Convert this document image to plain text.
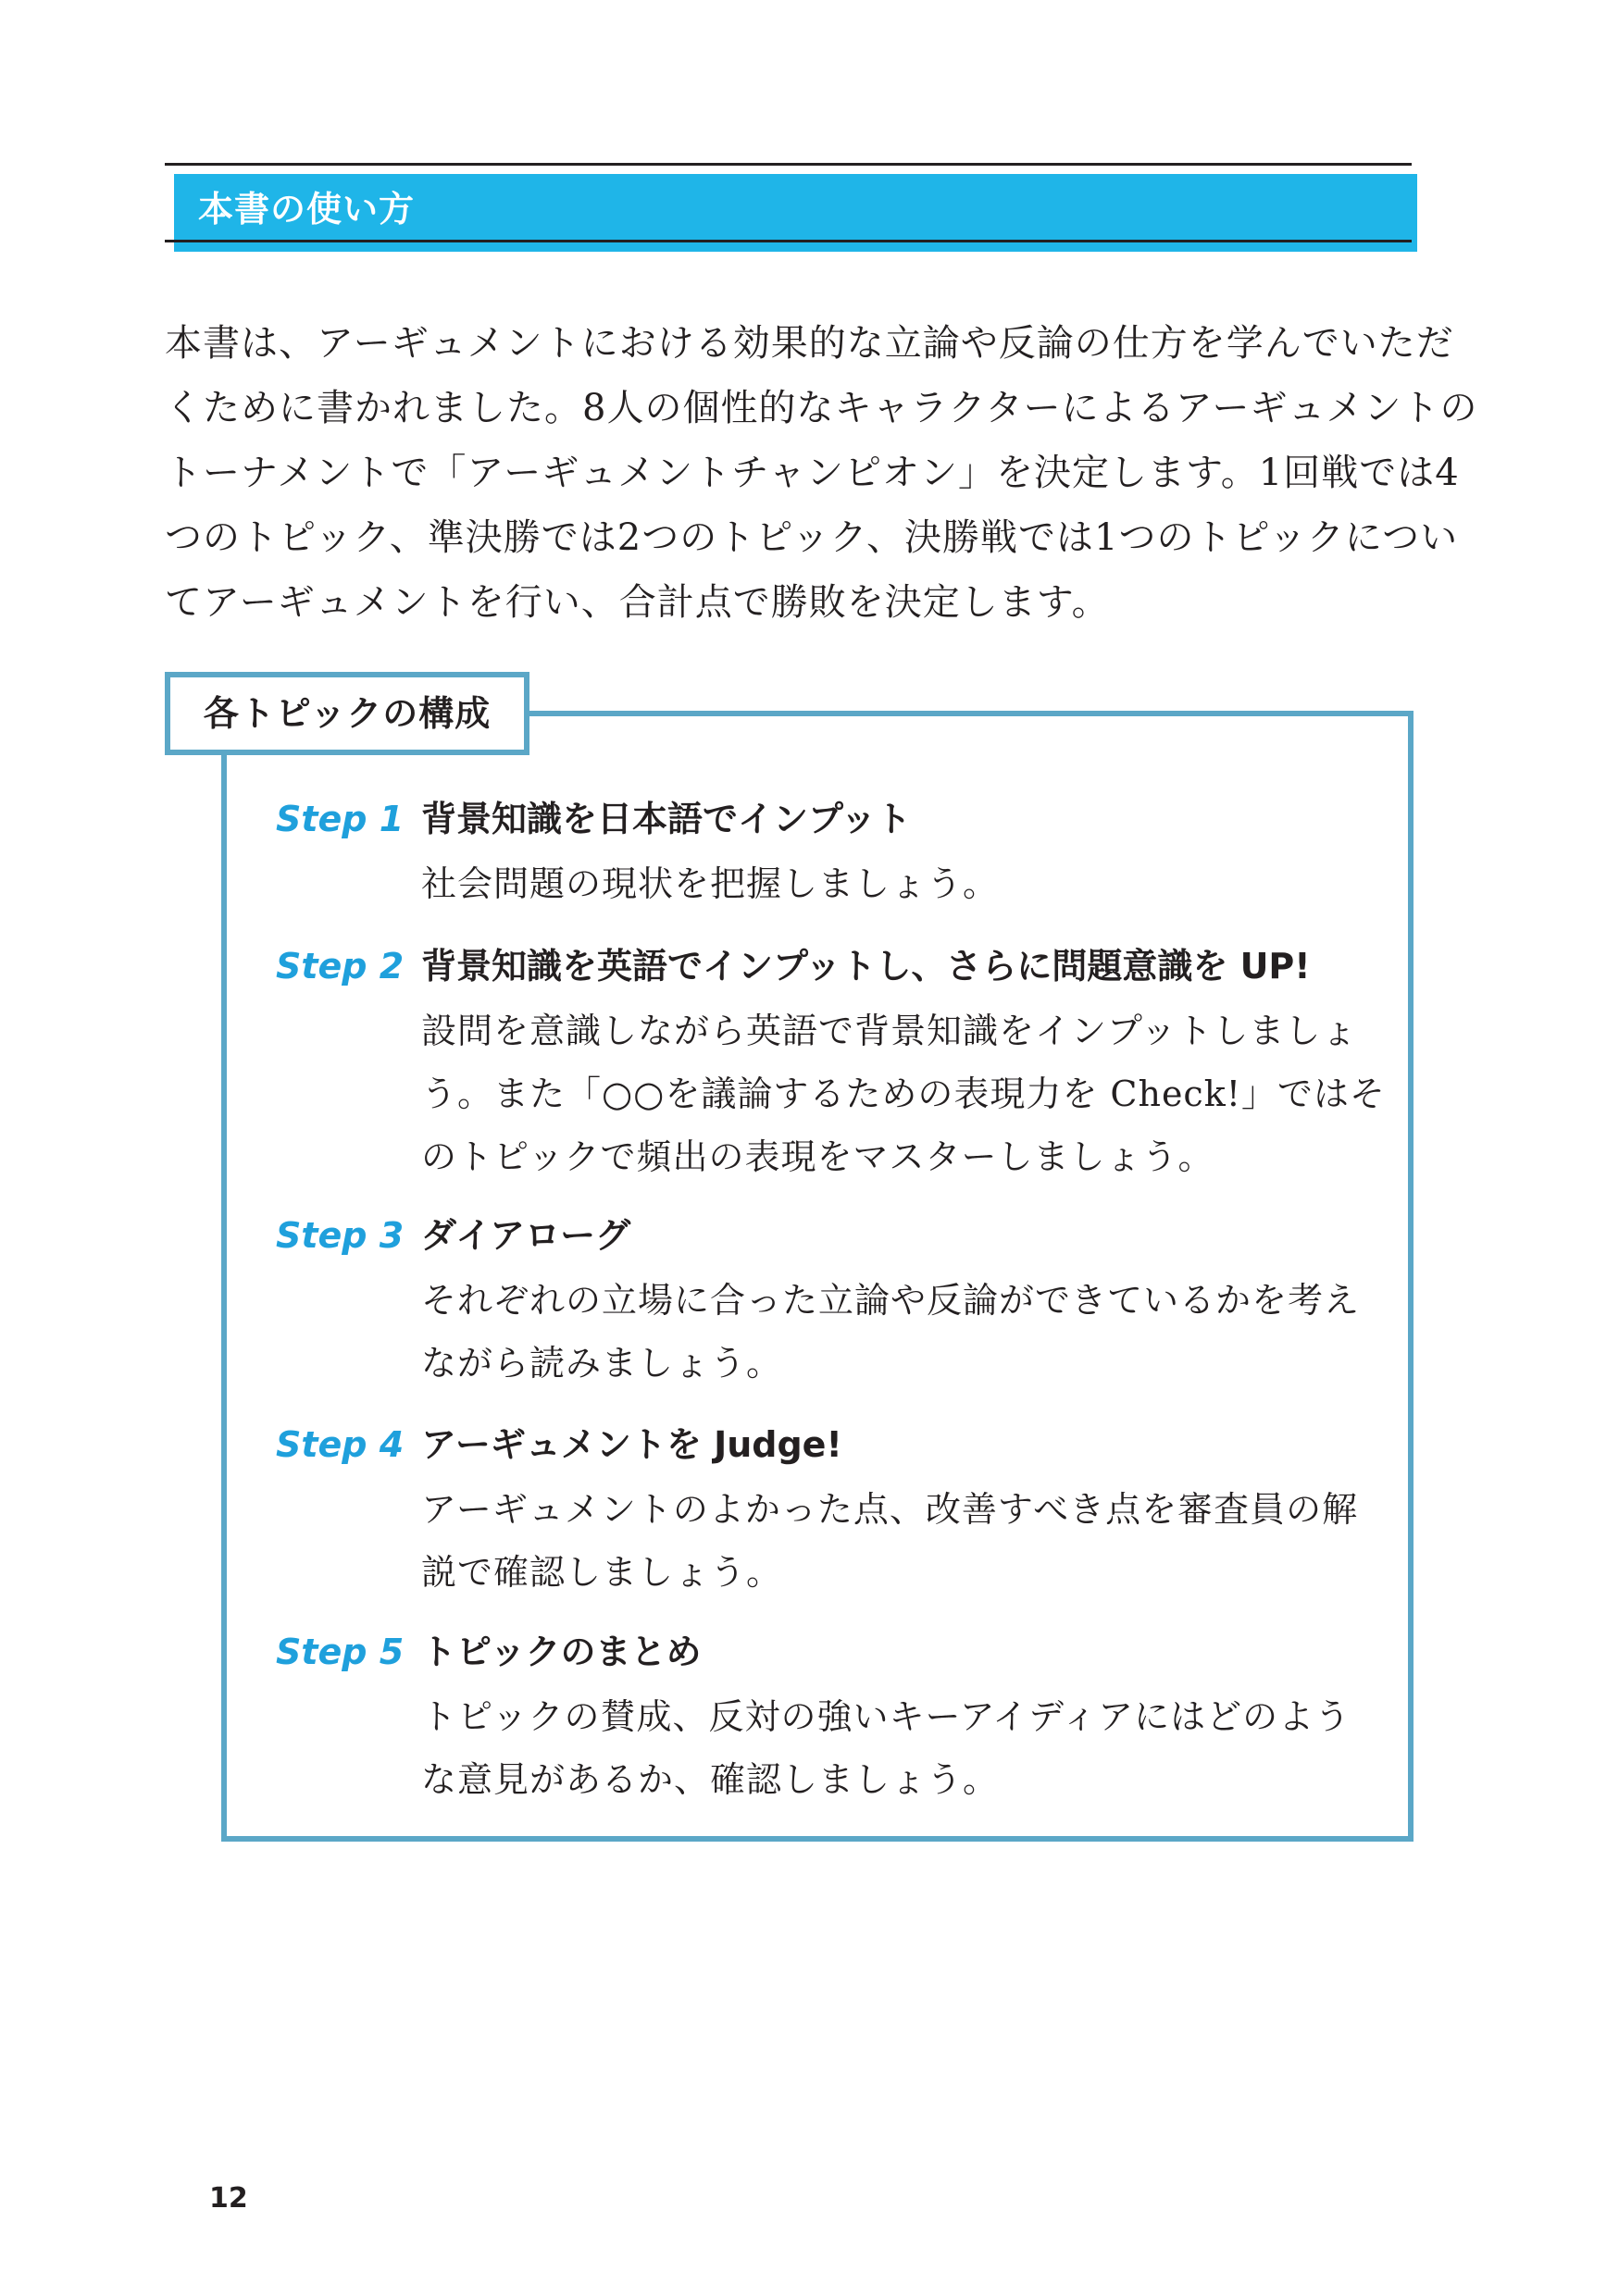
本書の使い方

本書は、アーギュメントにおける効果的な立論や反論の仕方を学んでいただ
くために書かれました。8人の個性的なキャラクターによるアーギュメントの
トーナメントで「アーギュメントチャンピオン」を決定します。1回戦では4
つのトピック、準決勝では2つのトピック、決勝戦では1つのトピックについ
てアーギュメントを行い、合計点で勝敗を決定します。

各トピックの構成
Step 1 背景知識を日本語でインプット
社会問題の現状を把握しましょう。
Step 2 背景知識を英語でインプットし、さらに問題意識を UP!
設問を意識しながら英語で背景知識をインプットしましょ
う。また「○○を議論するための表現力を Check!」ではそ
のトピックで頻出の表現をマスターしましょう。
Step 3 ダイアローグ
それぞれの立場に合った立論や反論ができているかを考え
ながら読みましょう。
Step 4 アーギュメントを Judge!
アーギュメントのよかった点、改善すべき点を審査員の解
説で確認しましょう。
Step 5 トピックのまとめ
トピックの賛成、反対の強いキーアイディアにはどのよう
な意見があるか、確認しましょう。
12
